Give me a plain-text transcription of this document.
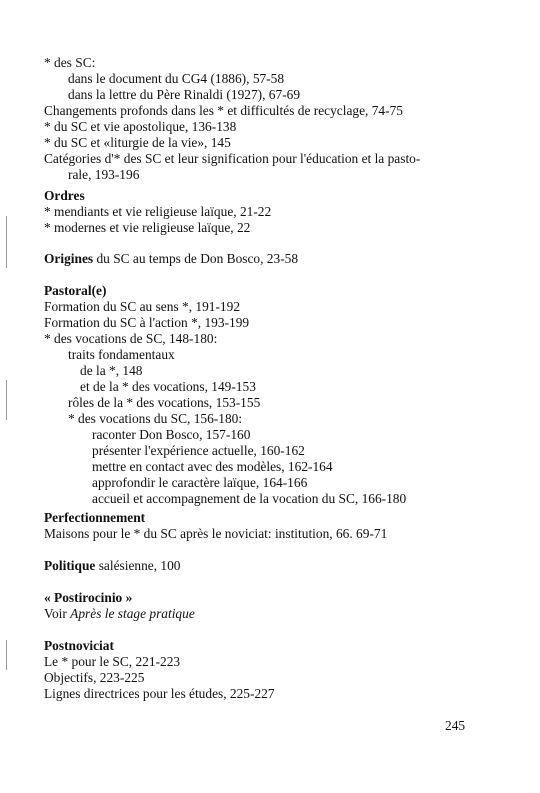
* des SC:
dans le document du CG4 (1886), 57-58
dans la lettre du Père Rinaldi (1927), 67-69
Changements profonds dans les * et difficultés de recyclage, 74-75
* du SC et vie apostolique, 136-138
* du SC et «liturgie de la vie», 145
Catégories d'* des SC et leur signification pour l'éducation et la pasto-
rale, 193-196
Ordres
* mendiants et vie religieuse laïque, 21-22
* modernes et vie religieuse laïque, 22
Origines du SC au temps de Don Bosco, 23-58
Pastoral(e)
Formation du SC au sens *, 191-192
Formation du SC à l'action *, 193-199
* des vocations de SC, 148-180:
traits fondamentaux
de la *, 148
et de la * des vocations, 149-153
rôles de la * des vocations, 153-155
* des vocations du SC, 156-180:
raconter Don Bosco, 157-160
présenter l'expérience actuelle, 160-162
mettre en contact avec des modèles, 162-164
approfondir le caractère laïque, 164-166
accueil et accompagnement de la vocation du SC, 166-180
Perfectionnement
Maisons pour le * du SC après le noviciat: institution, 66. 69-71
Politique salésienne, 100
« Postirocinio »
Voir Après le stage pratique
Postnoviciat
Le * pour le SC, 221-223
Objectifs, 223-225
Lignes directrices pour les études, 225-227
245
